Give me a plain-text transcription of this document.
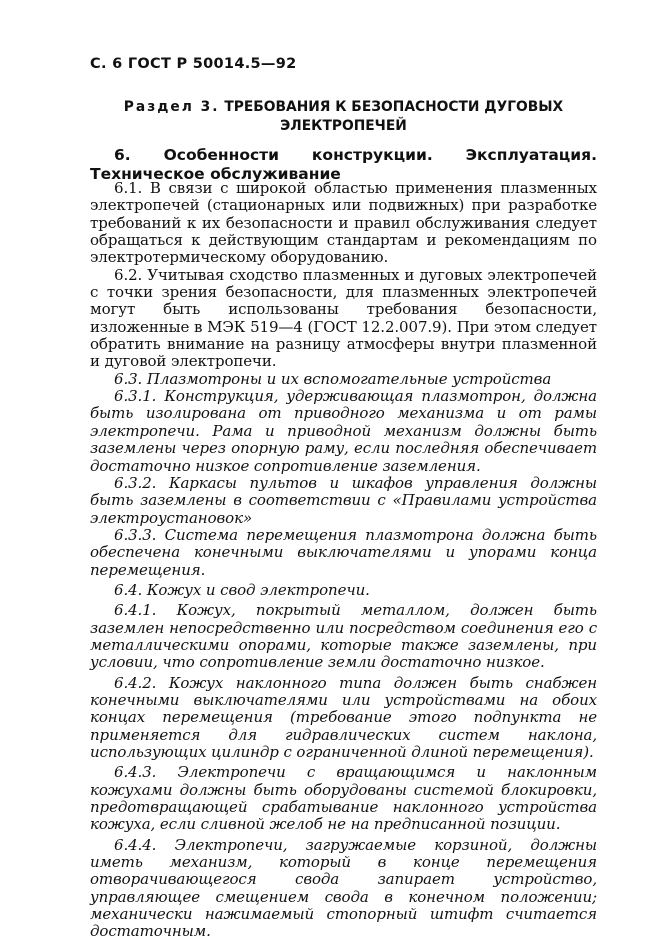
С. 6 ГОСТ Р 50014.5—92
Раздел 3. ТРЕБОВАНИЯ К БЕЗОПАСНОСТИ ДУГОВЫХ ЭЛЕКТРОПЕЧЕЙ
6. Особенности конструкции. Эксплуатация. Техническое обслуживание

6.1. В связи с широкой областью применения плазменных электропечей (стационарных или подвижных) при разработке требований к их безопасности и правил обслуживания следует обращаться к действующим стандартам и рекомендациям по электротермическому оборудованию.

6.2. Учитывая сходство плазменных и дуговых электропечей с точки зрения безопасности, для плазменных электропечей могут быть использованы требования безопасности, изложенные в МЭК 519—4 (ГОСТ 12.2.007.9). При этом следует обратить внимание на разницу атмосферы внутри плазменной и дуговой электропечи.

6.3. Плазмотроны и их вспомогательные устройства

6.3.1. Конструкция, удерживающая плазмотрон, должна быть изолирована от приводного механизма и от рамы электропечи. Рама и приводной механизм должны быть заземлены через опорную раму, если последняя обеспечивает достаточно низкое сопротивление заземления.

6.3.2. Каркасы пультов и шкафов управления должны быть заземлены в соответствии с «Правилами устройства электроустановок»

6.3.3. Система перемещения плазмотрона должна быть обеспечена конечными выключателями и упорами конца перемещения.

6.4. Кожух и свод электропечи.

6.4.1. Кожух, покрытый металлом, должен быть заземлен непосредственно или посредством соединения его с металлическими опорами, которые также заземлены, при условии, что сопротивление земли достаточно низкое.

6.4.2. Кожух наклонного типа должен быть снабжен конечными выключателями или устройствами на обоих концах перемещения (требование этого подпункта не применяется для гидравлических систем наклона, использующих цилиндр с ограниченной длиной перемещения).

6.4.3. Электропечи с вращающимся и наклонным кожухами должны быть оборудованы системой блокировки, предотвращающей срабатывание наклонного устройства кожуха, если сливной желоб не на предписанной позиции.

6.4.4. Электропечи, загружаемые корзиной, должны иметь механизм, который в конце перемещения отворачивающегося свода запирает устройство, управляющее смещением свода в конечном положении; механически нажимаемый стопорный штифт считается достаточным.
